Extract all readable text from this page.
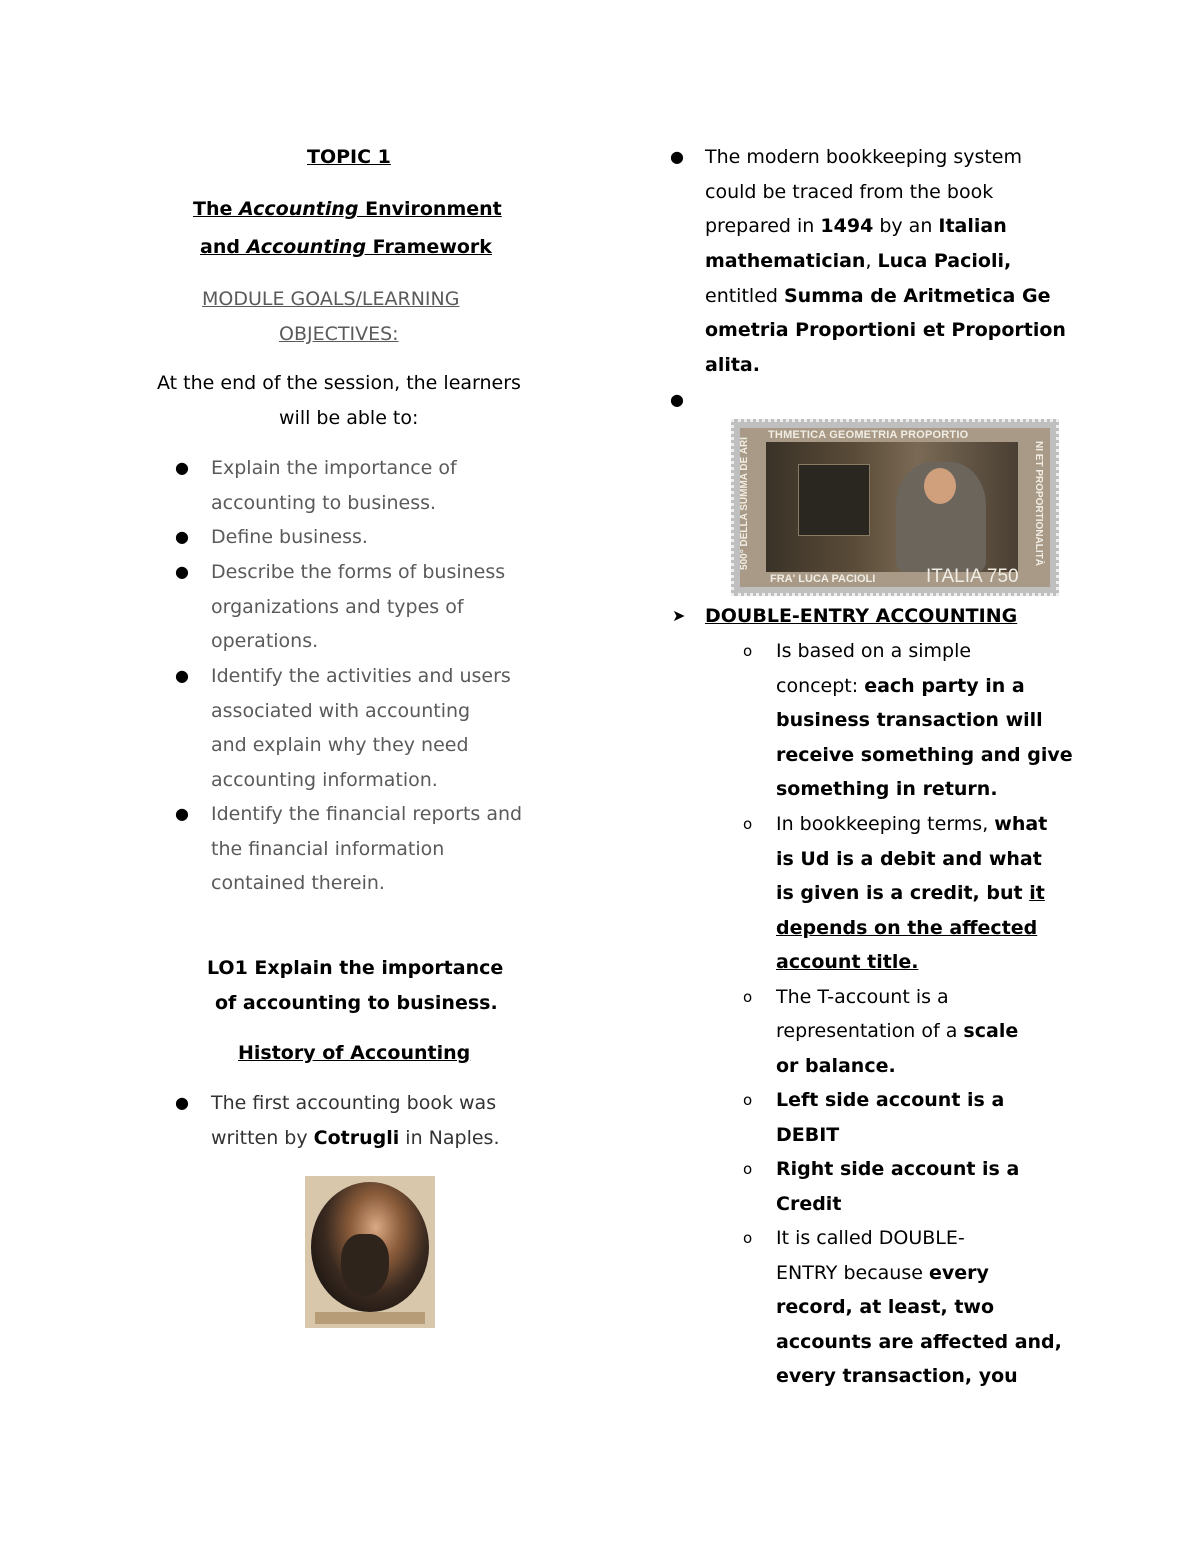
TOPIC 1
The Accounting Environment
and Accounting Framework
MODULE GOALS/LEARNING
OBJECTIVES:
At the end of the session, the learners
will be able to:
● Explain the importance of
accounting to business.
● Define business.
● Describe the forms of business
organizations and types of
operations.
● Identify the activities and users
associated with accounting
and explain why they need
accounting information.
● Identify the financial reports and
the financial information
contained therein.
LO1 Explain the importance
of accounting to business.
History of Accounting
● The first accounting book was
written by Cotrugli in Naples.
● The modern bookkeeping system
could be traced from the book
prepared in 1494 by an Italian
mathematician, Luca Pacioli,
entitled Summa de Aritmetica Ge
ometria Proportioni et Proportion
alita.
●
THMETICA GEOMETRIA PROPORTIO
500° DELLA SUMMA DE ARI	NI ET PROPORTIONALITÀ
FRA' LUCA PACIOLI	ITALIA 750
➤ DOUBLE-ENTRY ACCOUNTING
o Is based on a simple
concept: each party in a
business transaction will
receive something and give
something in return.
o In bookkeeping terms, what
is Ud is a debit and what
is given is a credit, but it
depends on the affected
account title.
o The T-account is a
representation of a scale
or balance.
o Left side account is a
DEBIT
o Right side account is a
Credit
o It is called DOUBLE-
ENTRY because every
record, at least, two
accounts are affected and,
every transaction, you
